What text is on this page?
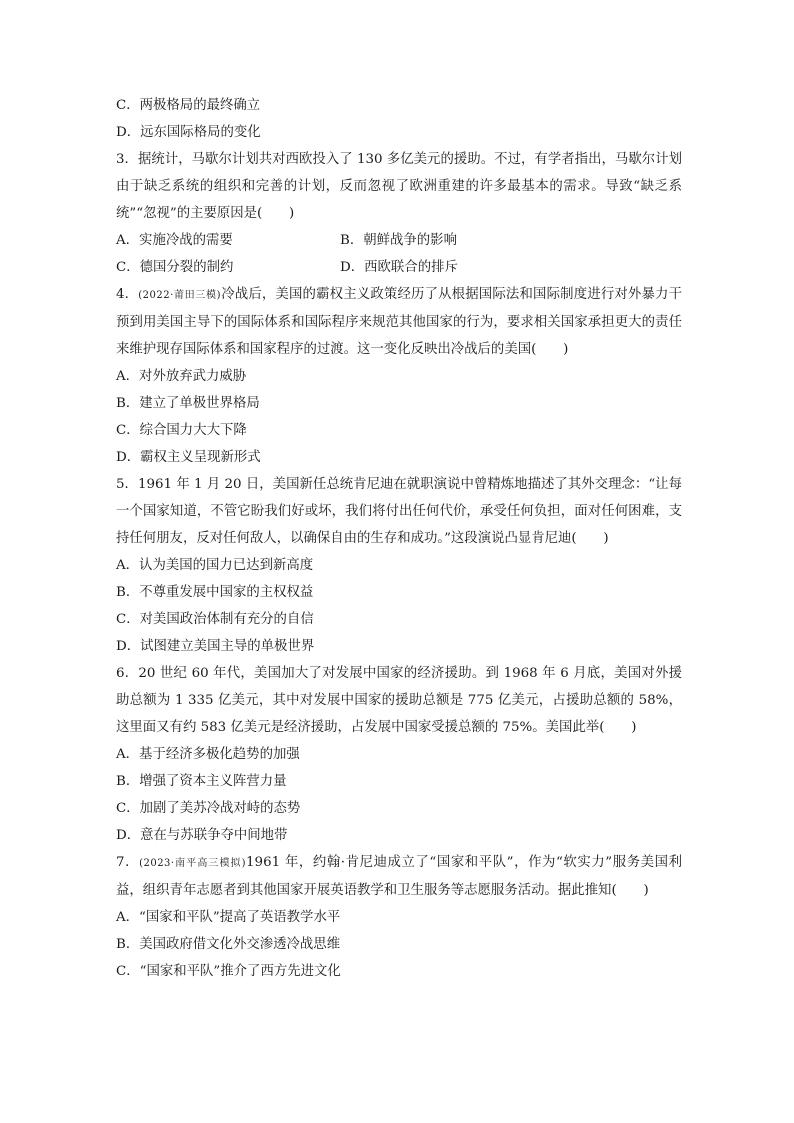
C．两极格局的最终确立
D．远东国际格局的变化
3．据统计，马歇尔计划共对西欧投入了 130 多亿美元的援助。不过，有学者指出，马歇尔计划由于缺乏系统的组织和完善的计划，反而忽视了欧洲重建的许多最基本的需求。导致“缺乏系统”“忽视”的主要原因是(　　)
A．实施冷战的需要	B．朝鲜战争的影响
C．德国分裂的制约	D．西欧联合的排斥
4．(2022·莆田三模)冷战后，美国的霸权主义政策经历了从根据国际法和国际制度进行对外暴力干预到用美国主导下的国际体系和国际程序来规范其他国家的行为，要求相关国家承担更大的责任来维护现存国际体系和国家程序的过渡。这一变化反映出冷战后的美国(　　)
A．对外放弃武力威胁
B．建立了单极世界格局
C．综合国力大大下降
D．霸权主义呈现新形式
5．1961 年 1 月 20 日，美国新任总统肯尼迪在就职演说中曾精炼地描述了其外交理念：“让每一个国家知道，不管它盼我们好或坏，我们将付出任何代价，承受任何负担，面对任何困难，支持任何朋友，反对任何敌人，以确保自由的生存和成功。”这段演说凸显肯尼迪(　　)
A．认为美国的国力已达到新高度
B．不尊重发展中国家的主权权益
C．对美国政治体制有充分的自信
D．试图建立美国主导的单极世界
6．20 世纪 60 年代，美国加大了对发展中国家的经济援助。到 1968 年 6 月底，美国对外援助总额为 1 335 亿美元，其中对发展中国家的援助总额是 775 亿美元，占援助总额的 58%，这里面又有约 583 亿美元是经济援助，占发展中国家受援总额的 75%。美国此举(　　)
A．基于经济多极化趋势的加强
B．增强了资本主义阵营力量
C．加剧了美苏冷战对峙的态势
D．意在与苏联争夺中间地带
7．(2023·南平高三模拟)1961 年，约翰·肯尼迪成立了“国家和平队”，作为“软实力”服务美国利益，组织青年志愿者到其他国家开展英语教学和卫生服务等志愿服务活动。据此推知(　　)
A．“国家和平队”提高了英语教学水平
B．美国政府借文化外交渗透冷战思维
C．“国家和平队”推介了西方先进文化
